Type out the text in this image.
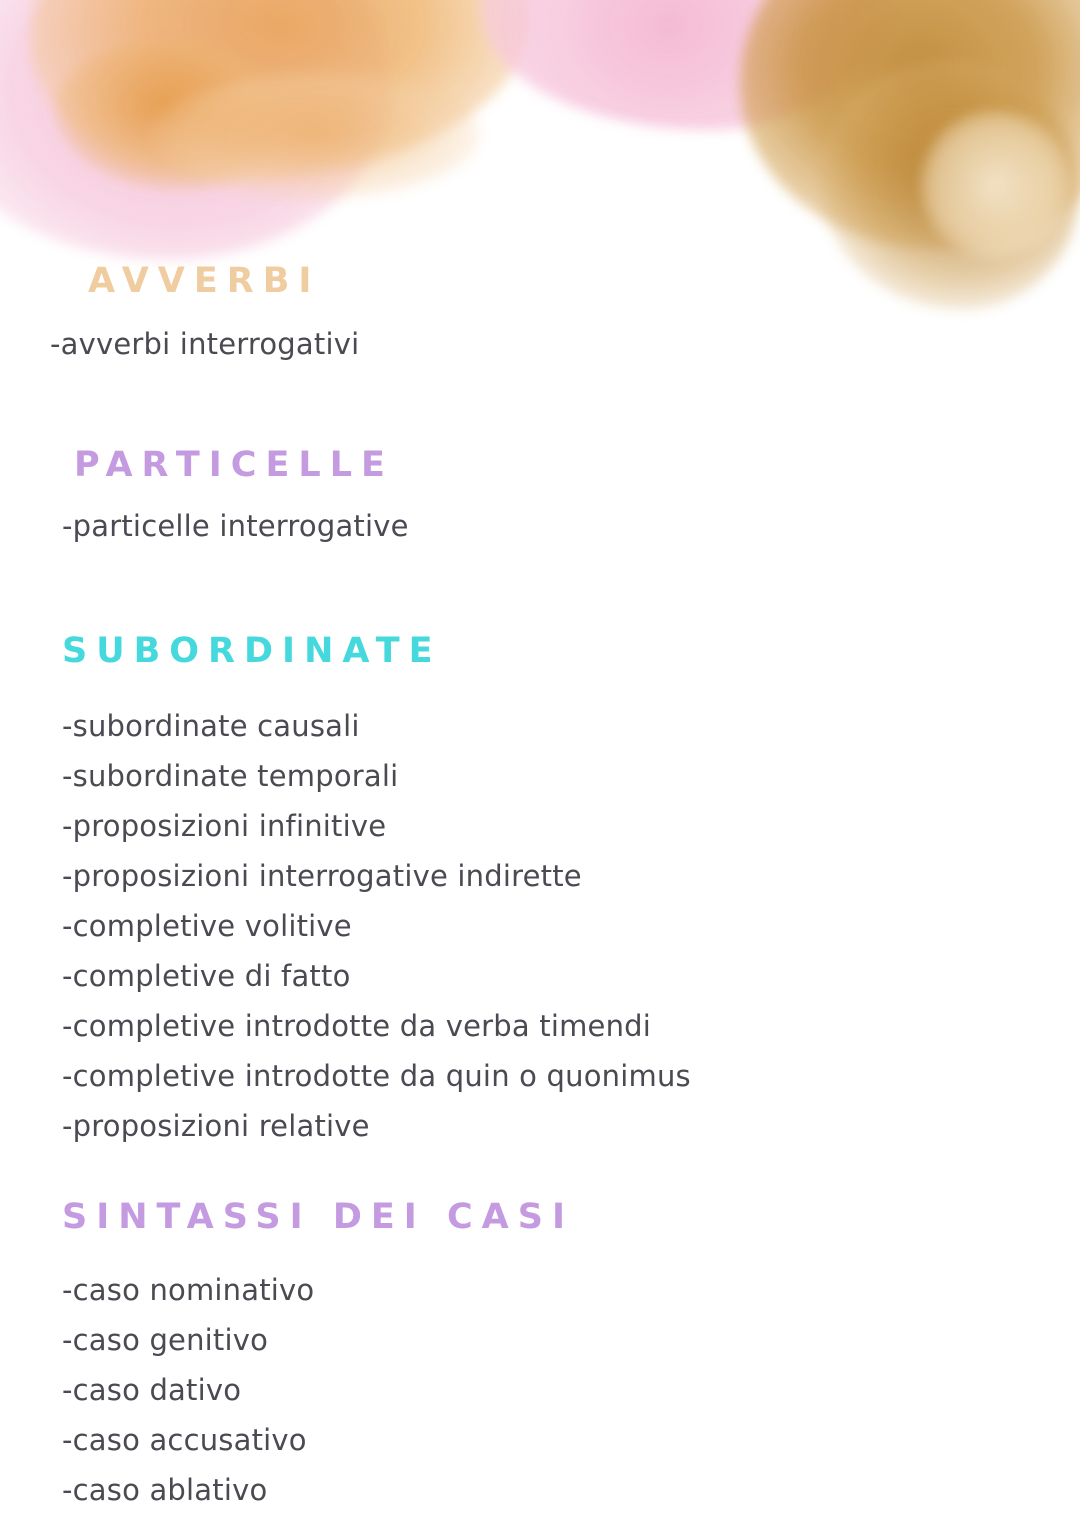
AVVERBI
-avverbi interrogativi
PARTICELLE
-particelle interrogative
SUBORDINATE
-subordinate causali
-subordinate temporali
-proposizioni infinitive
-proposizioni interrogative indirette
-completive volitive
-completive di fatto
-completive introdotte da verba timendi
-completive introdotte da quin o quonimus
-proposizioni relative
SINTASSI DEI CASI
-caso nominativo
-caso genitivo
-caso dativo
-caso accusativo
-caso ablativo
